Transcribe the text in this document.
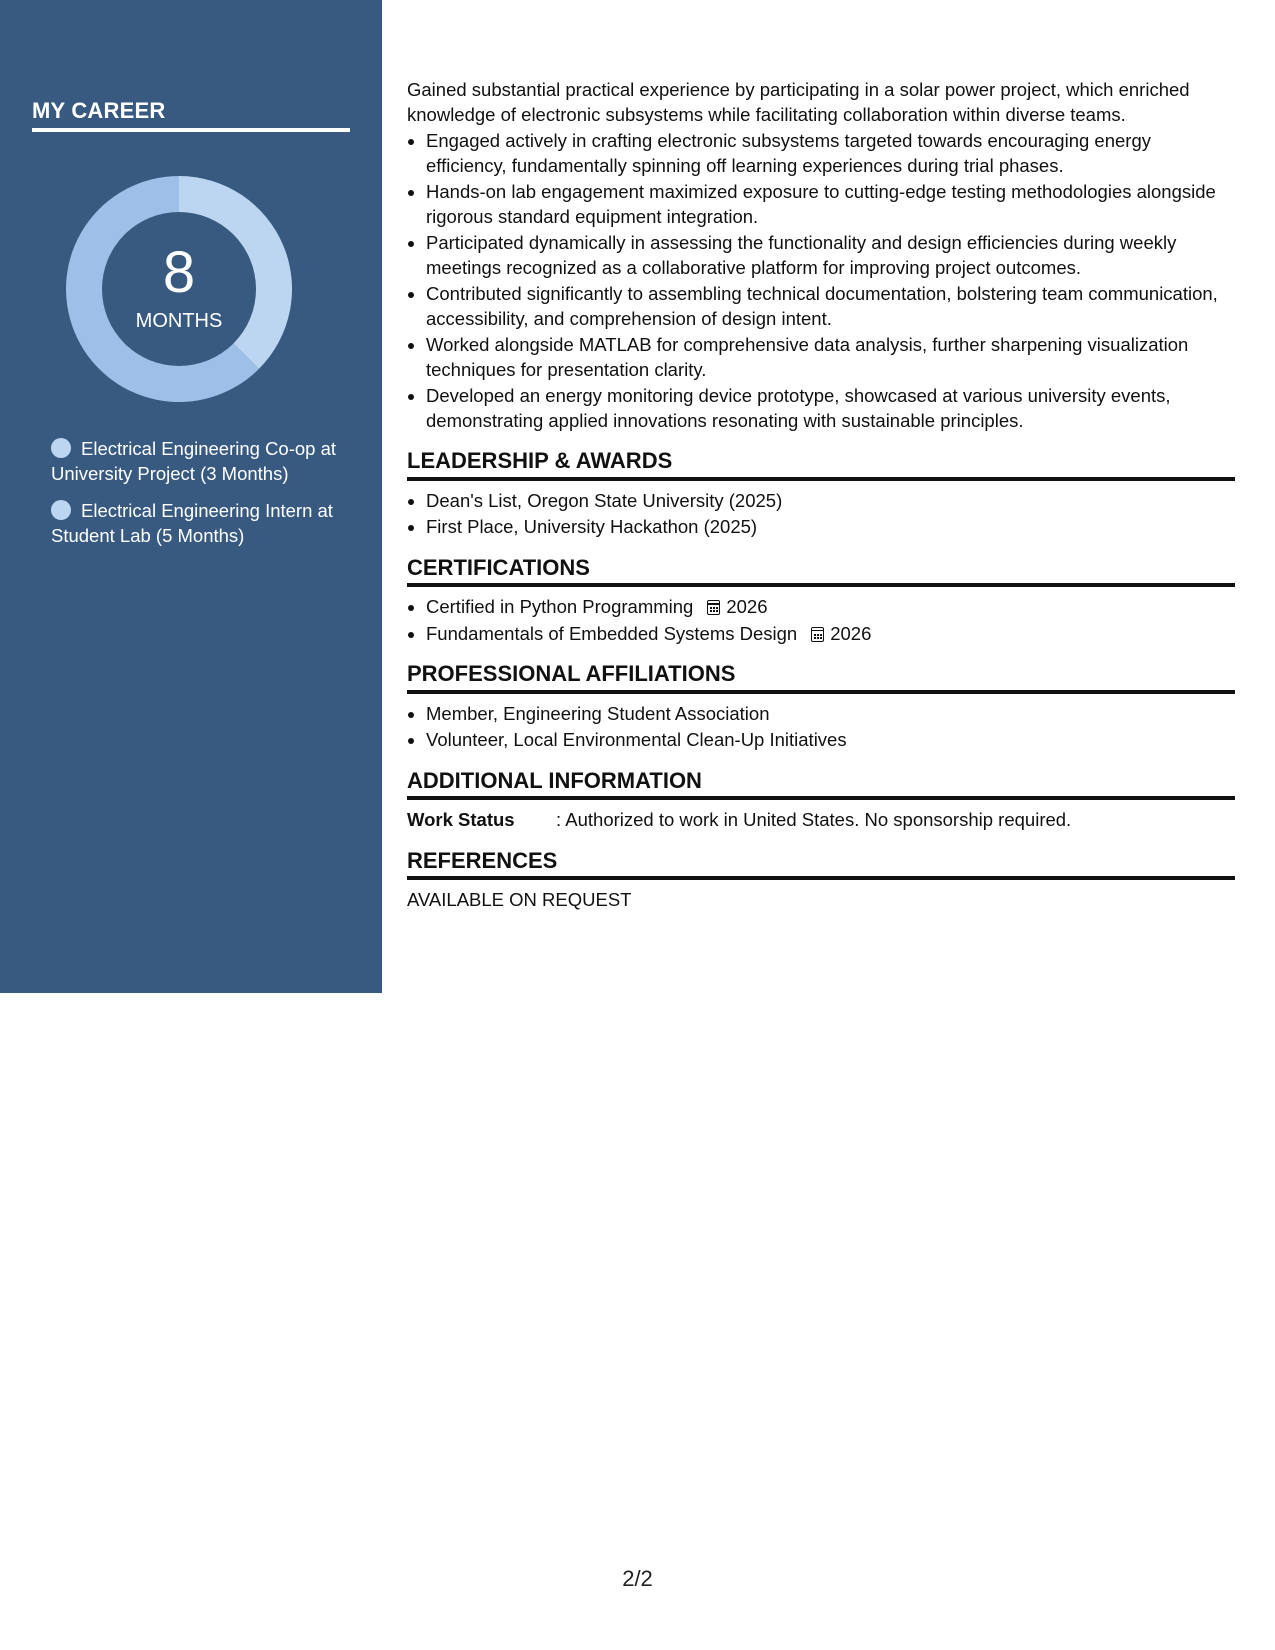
MY CAREER
8
MONTHS
Electrical Engineering Co-op at University Project (3 Months)
Electrical Engineering Intern at Student Lab (5 Months)

Gained substantial practical experience by participating in a solar power project, which enriched knowledge of electronic subsystems while facilitating collaboration within diverse teams.

• Engaged actively in crafting electronic subsystems targeted towards encouraging energy efficiency, fundamentally spinning off learning experiences during trial phases.
• Hands-on lab engagement maximized exposure to cutting-edge testing methodologies alongside rigorous standard equipment integration.
• Participated dynamically in assessing the functionality and design efficiencies during weekly meetings recognized as a collaborative platform for improving project outcomes.
• Contributed significantly to assembling technical documentation, bolstering team communication, accessibility, and comprehension of design intent.
• Worked alongside MATLAB for comprehensive data analysis, further sharpening visualization techniques for presentation clarity.
• Developed an energy monitoring device prototype, showcased at various university events, demonstrating applied innovations resonating with sustainable principles.
LEADERSHIP & AWARDS
• Dean's List, Oregon State University (2025)
• First Place, University Hackathon (2025)
CERTIFICATIONS
• Certified in Python Programming 2026
• Fundamentals of Embedded Systems Design 2026
PROFESSIONAL AFFILIATIONS
• Member, Engineering Student Association
• Volunteer, Local Environmental Clean-Up Initiatives
ADDITIONAL INFORMATION
Work Status	: Authorized to work in United States. No sponsorship required.
REFERENCES

AVAILABLE ON REQUEST

2/2
